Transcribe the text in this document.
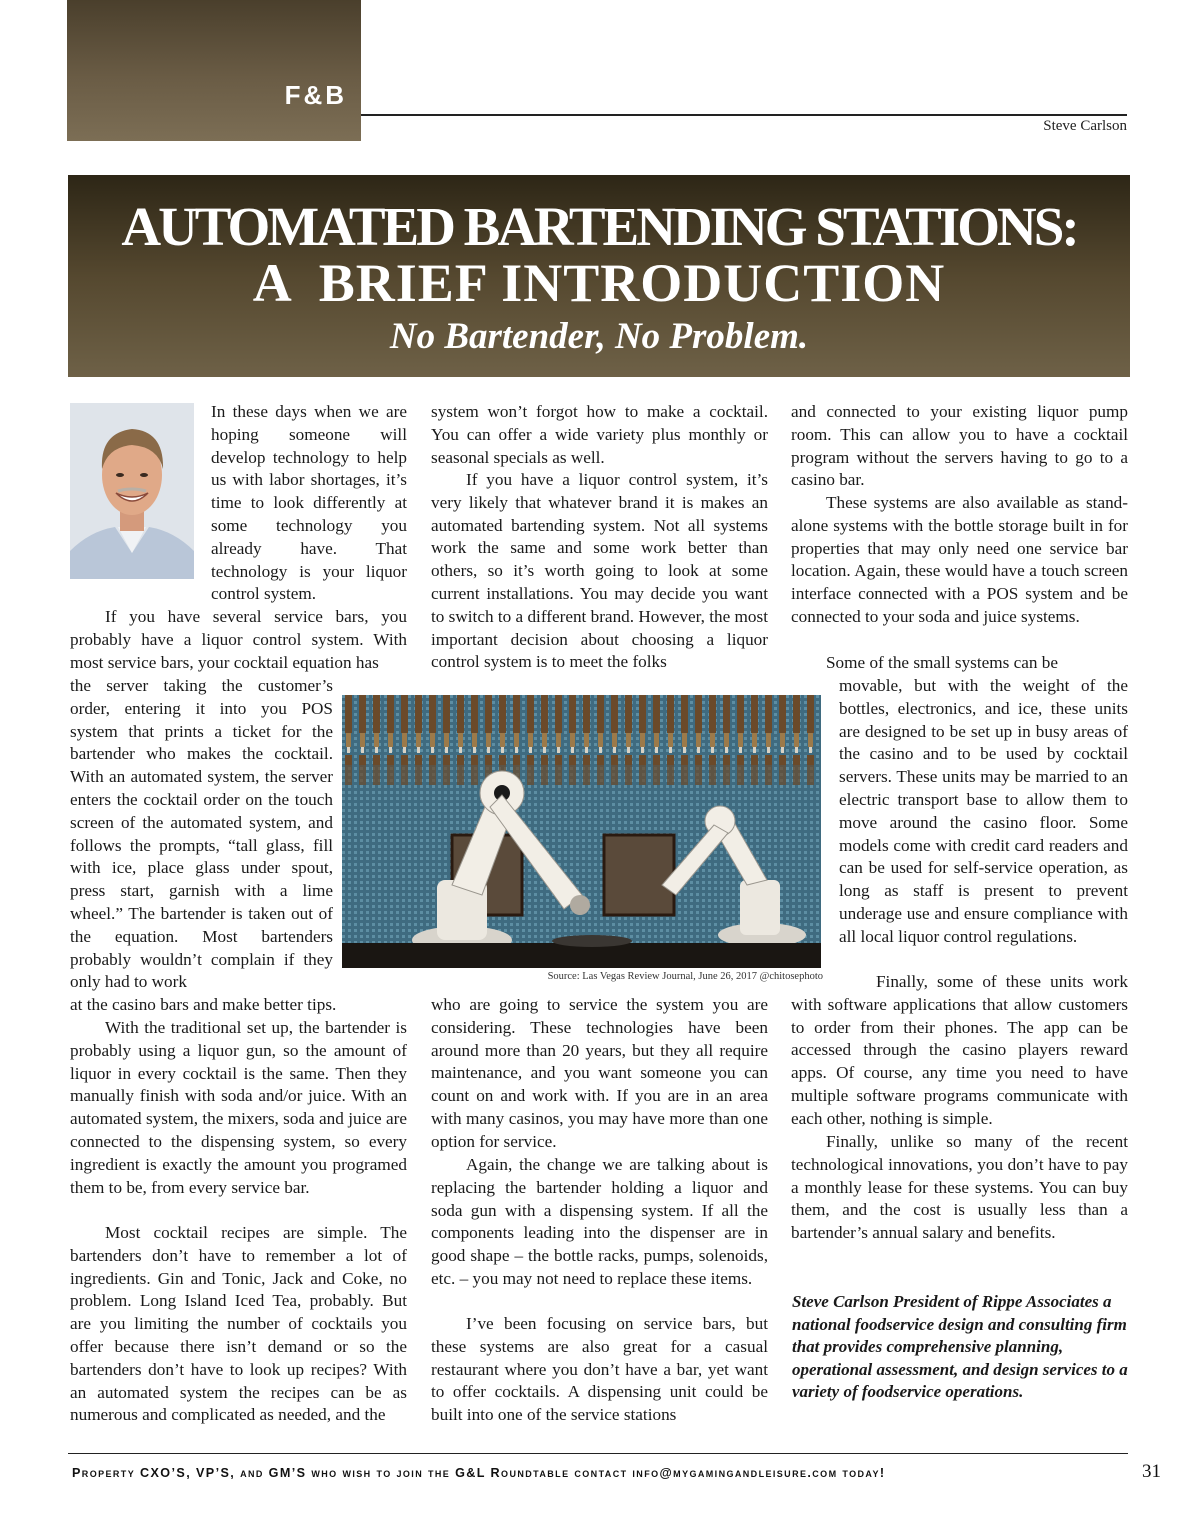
F&B
Steve Carlson
AUTOMATED BARTENDING STATIONS:
A  BRIEF INTRODUCTION
No Bartender, No Problem.

In these days when we are hoping someone will develop technology to help us with labor shortages, it’s time to look differently at some technology you already have. That technology is your liquor control system.

If you have several service bars, you probably have a liquor control system. With most service bars, your cocktail equation has

the server taking the customer’s order, entering it into you POS system that prints a ticket for the bartender who makes the cocktail. With an automated system, the server enters the cocktail order on the touch screen of the automated system, and follows the prompts, “tall glass, fill with ice, place glass under spout, press start, garnish with a lime wheel.” The bartender is taken out of the equation. Most bartenders probably wouldn’t complain if they only had to work

at the casino bars and make better tips.

With the traditional set up, the bartender is probably using a liquor gun, so the amount of liquor in every cocktail is the same. Then they manually finish with soda and/or juice. With an automated system, the mixers, soda and juice are connected to the dispensing system, so every ingredient is exactly the amount you programed them to be, from every service bar.

Most cocktail recipes are simple. The bartenders don’t have to remember a lot of ingredients. Gin and Tonic, Jack and Coke, no problem. Long Island Iced Tea, probably. But are you limiting the number of cocktails you offer because there isn’t demand or so the bartenders don’t have to look up recipes? With an automated system the recipes can be as numerous and complicated as needed, and the

system won’t forgot how to make a cocktail. You can offer a wide variety plus monthly or seasonal specials as well.

If you have a liquor control system, it’s very likely that whatever brand it is makes an automated bartending system. Not all systems work the same and some work better than others, so it’s worth going to look at some current installations. You may decide you want to switch to a different brand. However, the most important decision about choosing a liquor control system is to meet the folks

who are going to service the system you are considering. These technologies have been around more than 20 years, but they all require maintenance, and you want someone you can count on and work with. If you are in an area with many casinos, you may have more than one option for service.

Again, the change we are talking about is replacing the bartender holding a liquor and soda gun with a dispensing system. If all the components leading into the dispenser are in good shape – the bottle racks, pumps, solenoids, etc. – you may not need to replace these items.

I’ve been focusing on service bars, but these systems are also great for a casual restaurant where you don’t have a bar, yet want to offer cocktails. A dispensing unit could be built into one of the service stations

and connected to your existing liquor pump room. This can allow you to have a cocktail program without the servers having to go to a casino bar.

These systems are also available as stand-alone systems with the bottle storage built in for properties that may only need one service bar location. Again, these would have a touch screen interface connected with a POS system and be connected to your soda and juice systems.

Some of the small systems can be

movable, but with the weight of the bottles, electronics, and ice, these units are designed to be set up in busy areas of the casino and to be used by cocktail servers. These units may be married to an electric transport base to allow them to move around the casino floor. Some models come with credit card readers and can be used for self-service operation, as long as staff is present to prevent underage use and ensure compliance with all local liquor control regulations.

Finally, some of these units work with software applications that allow customers to order from their phones. The app can be accessed through the casino players reward apps. Of course, any time you need to have multiple software programs communicate with each other, nothing is simple.

Finally, unlike so many of the recent technological innovations, you don’t have to pay a monthly lease for these systems. You can buy them, and the cost is usually less than a bartender’s annual salary and benefits.

Source: Las Vegas Review Journal, June 26, 2017 @chitosephoto

Steve Carlson President of Rippe Associates a national foodservice design and consulting firm that provides comprehensive planning, operational assessment, and design services to a variety of foodservice operations.

Property CXO’S, VP’S, and GM’S who wish to join the G&L Roundtable contact info@mygamingandleisure.com today!	31
